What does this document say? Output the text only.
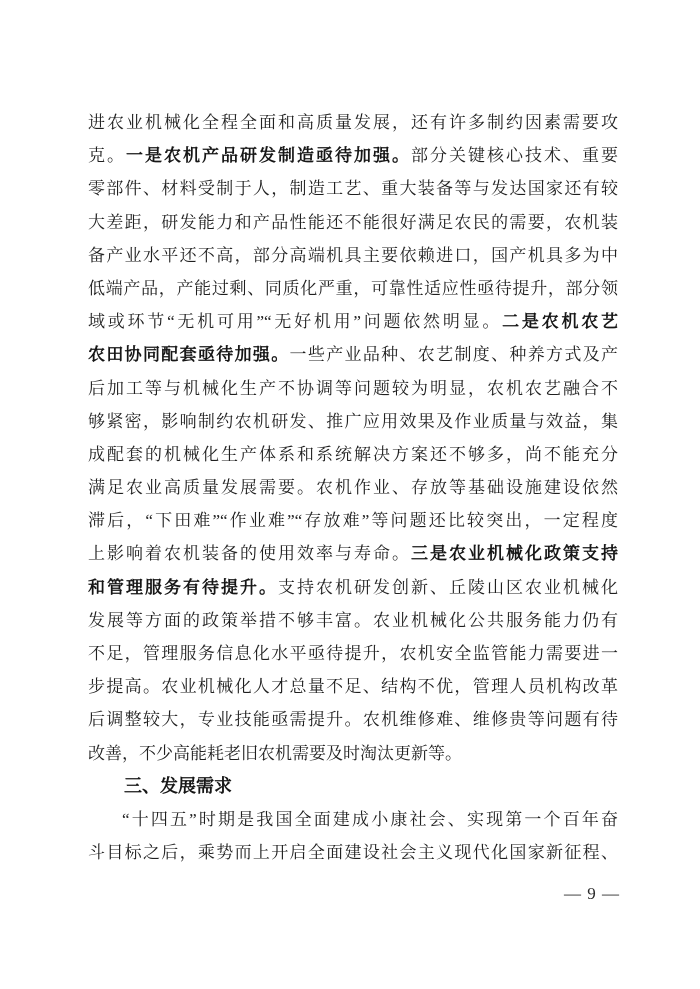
进农业机械化全程全面和高质量发展，还有许多制约因素需要攻
克。一是农机产品研发制造亟待加强。部分关键核心技术、重要
零部件、材料受制于人，制造工艺、重大装备等与发达国家还有较
大差距，研发能力和产品性能还不能很好满足农民的需要，农机装
备产业水平还不高，部分高端机具主要依赖进口，国产机具多为中
低端产品，产能过剩、同质化严重，可靠性适应性亟待提升，部分领
域或环节“无机可用”“无好机用”问题依然明显。二是农机农艺
农田协同配套亟待加强。一些产业品种、农艺制度、种养方式及产
后加工等与机械化生产不协调等问题较为明显，农机农艺融合不
够紧密，影响制约农机研发、推广应用效果及作业质量与效益，集
成配套的机械化生产体系和系统解决方案还不够多，尚不能充分
满足农业高质量发展需要。农机作业、存放等基础设施建设依然
滞后，“下田难”“作业难”“存放难”等问题还比较突出，一定程度
上影响着农机装备的使用效率与寿命。三是农业机械化政策支持
和管理服务有待提升。支持农机研发创新、丘陵山区农业机械化
发展等方面的政策举措不够丰富。农业机械化公共服务能力仍有
不足，管理服务信息化水平亟待提升，农机安全监管能力需要进一
步提高。农业机械化人才总量不足、结构不优，管理人员机构改革
后调整较大，专业技能亟需提升。农机维修难、维修贵等问题有待
改善，不少高能耗老旧农机需要及时淘汰更新等。
三、发展需求
“十四五”时期是我国全面建成小康社会、实现第一个百年奋
斗目标之后，乘势而上开启全面建设社会主义现代化国家新征程、
— 9 —
